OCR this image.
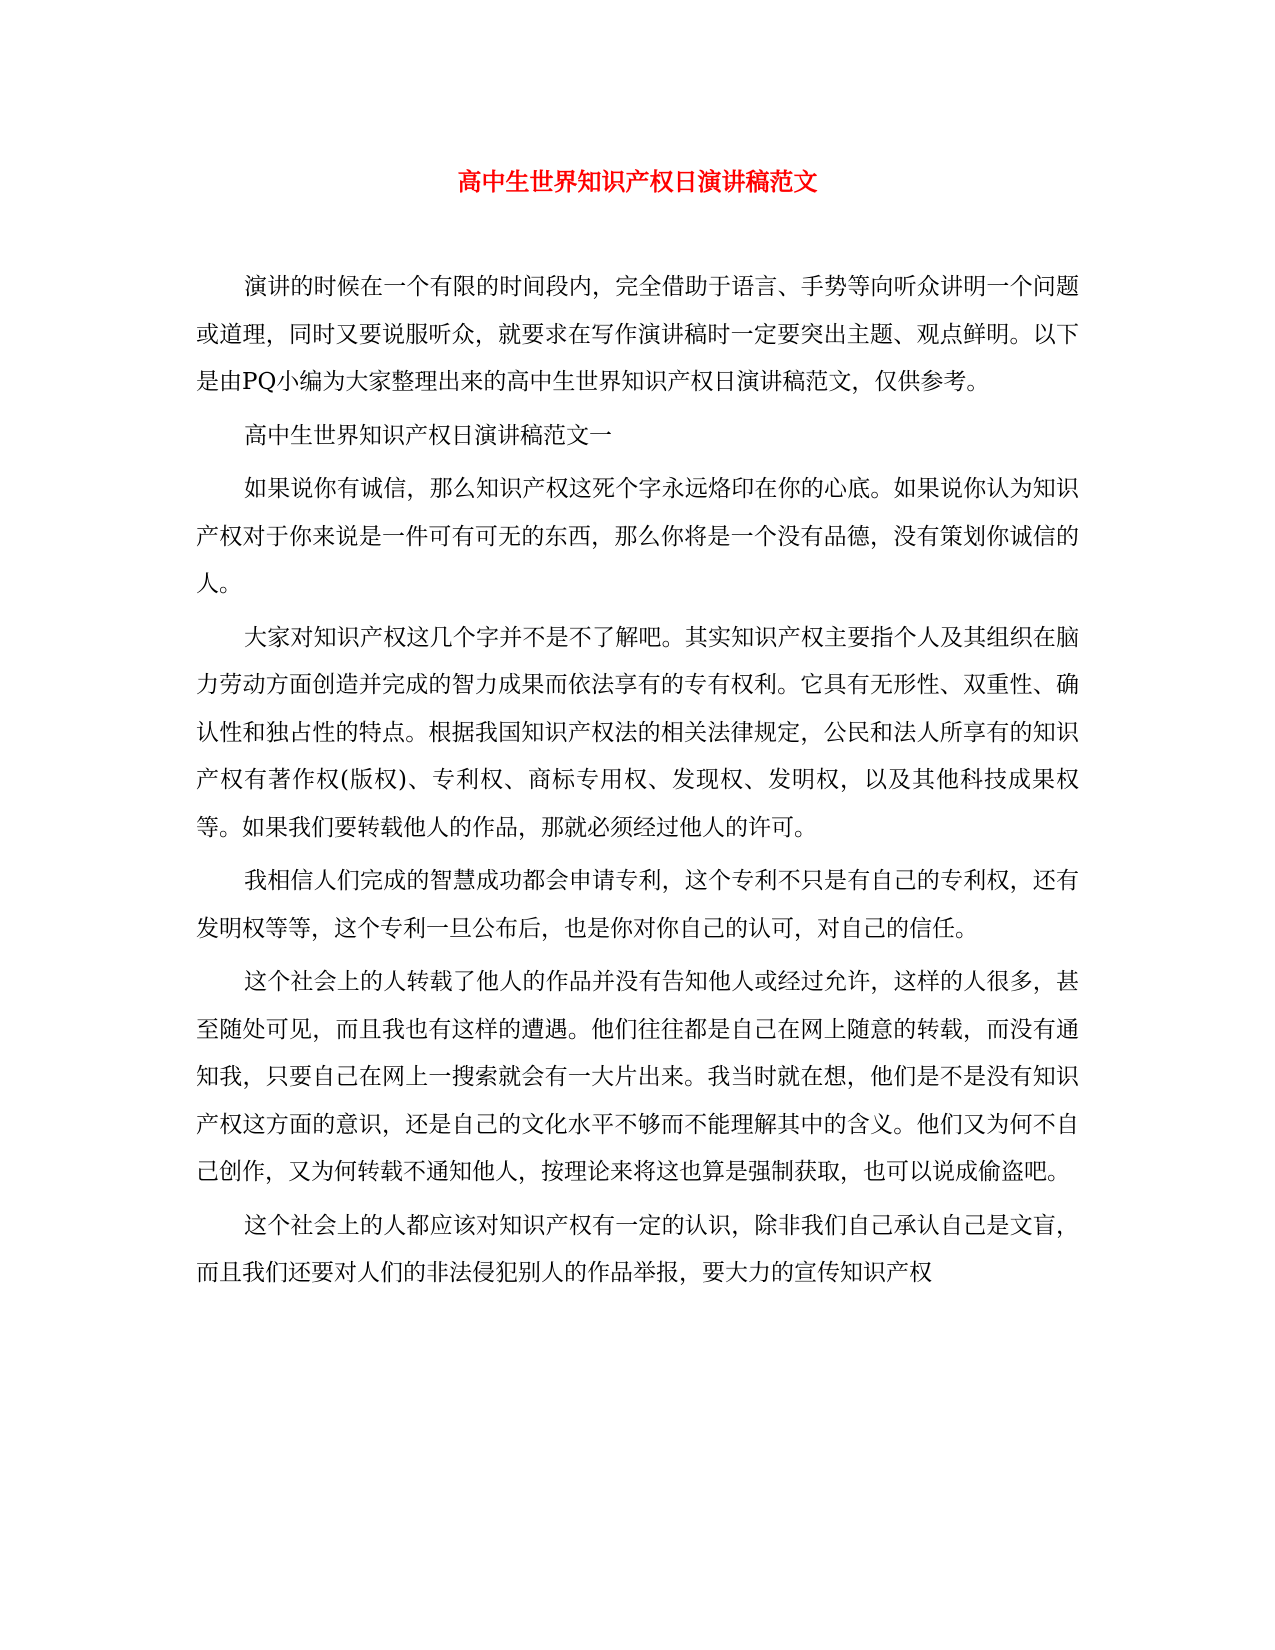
高中生世界知识产权日演讲稿范文

演讲的时候在一个有限的时间段内，完全借助于语言、手势等向听众讲明一个问题或道理，同时又要说服听众，就要求在写作演讲稿时一定要突出主题、观点鲜明。以下是由PQ小编为大家整理出来的高中生世界知识产权日演讲稿范文，仅供参考。

高中生世界知识产权日演讲稿范文一

如果说你有诚信，那么知识产权这死个字永远烙印在你的心底。如果说你认为知识产权对于你来说是一件可有可无的东西，那么你将是一个没有品德，没有策划你诚信的人。

大家对知识产权这几个字并不是不了解吧。其实知识产权主要指个人及其组织在脑力劳动方面创造并完成的智力成果而依法享有的专有权利。它具有无形性、双重性、确认性和独占性的特点。根据我国知识产权法的相关法律规定，公民和法人所享有的知识产权有著作权(版权)、专利权、商标专用权、发现权、发明权，以及其他科技成果权等。如果我们要转载他人的作品，那就必须经过他人的许可。

我相信人们完成的智慧成功都会申请专利，这个专利不只是有自己的专利权，还有发明权等等，这个专利一旦公布后，也是你对你自己的认可，对自己的信任。

这个社会上的人转载了他人的作品并没有告知他人或经过允许，这样的人很多，甚至随处可见，而且我也有这样的遭遇。他们往往都是自己在网上随意的转载，而没有通知我，只要自己在网上一搜索就会有一大片出来。我当时就在想，他们是不是没有知识产权这方面的意识，还是自己的文化水平不够而不能理解其中的含义。他们又为何不自己创作，又为何转载不通知他人，按理论来将这也算是强制获取，也可以说成偷盗吧。

这个社会上的人都应该对知识产权有一定的认识，除非我们自己承认自己是文盲，而且我们还要对人们的非法侵犯别人的作品举报，要大力的宣传知识产权
